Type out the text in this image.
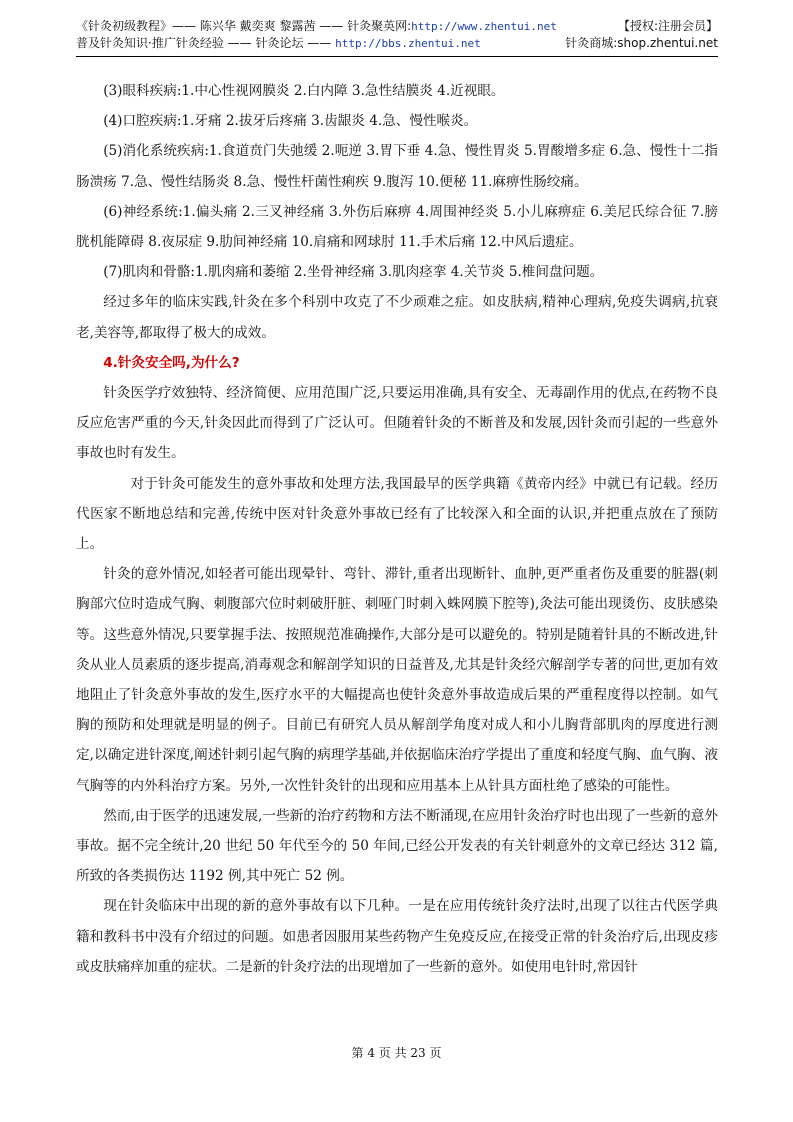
《针灸初级教程》—— 陈兴华 戴奕爽 黎露茜 —— 针灸聚英网:http://www.zhentui.net	【授权:注册会员】
普及针灸知识·推广针灸经验 —— 针灸论坛 —— http://bbs.zhentui.net	针灸商城:shop.zhentui.net

(3)眼科疾病:1.中心性视网膜炎 2.白内障 3.急性结膜炎 4.近视眼。

(4)口腔疾病:1.牙痛 2.拔牙后疼痛 3.齿龈炎 4.急、慢性喉炎。

(5)消化系统疾病:1.食道贲门失弛缓 2.呃逆 3.胃下垂 4.急、慢性胃炎 5.胃酸增多症 6.急、慢性十二指肠溃疡 7.急、慢性结肠炎 8.急、慢性杆菌性痢疾 9.腹泻 10.便秘 11.麻痹性肠绞痛。

(6)神经系统:1.偏头痛 2.三叉神经痛 3.外伤后麻痹 4.周围神经炎 5.小儿麻痹症 6.美尼氏综合征 7.膀胱机能障碍 8.夜尿症 9.肋间神经痛 10.肩痛和网球肘 11.手术后痛 12.中风后遗症。

(7)肌肉和骨骼:1.肌肉痛和萎缩 2.坐骨神经痛 3.肌肉痉挛 4.关节炎 5.椎间盘问题。

经过多年的临床实践,针灸在多个科别中攻克了不少顽难之症。如皮肤病,精神心理病,免疫失调病,抗衰老,美容等,都取得了极大的成效。

4.针灸安全吗,为什么?

针灸医学疗效独特、经济简便、应用范围广泛,只要运用准确,具有安全、无毒副作用的优点,在药物不良反应危害严重的今天,针灸因此而得到了广泛认可。但随着针灸的不断普及和发展,因针灸而引起的一些意外事故也时有发生。

对于针灸可能发生的意外事故和处理方法,我国最早的医学典籍《黄帝内经》中就已有记载。经历代医家不断地总结和完善,传统中医对针灸意外事故已经有了比较深入和全面的认识,并把重点放在了预防上。

针灸的意外情况,如轻者可能出现晕针、弯针、滞针,重者出现断针、血肿,更严重者伤及重要的脏器(刺胸部穴位时造成气胸、刺腹部穴位时刺破肝脏、刺哑门时刺入蛛网膜下腔等),灸法可能出现烫伤、皮肤感染等。这些意外情况,只要掌握手法、按照规范准确操作,大部分是可以避免的。特别是随着针具的不断改进,针灸从业人员素质的逐步提高,消毒观念和解剖学知识的日益普及,尤其是针灸经穴解剖学专著的问世,更加有效地阻止了针灸意外事故的发生,医疗水平的大幅提高也使针灸意外事故造成后果的严重程度得以控制。如气胸的预防和处理就是明显的例子。目前已有研究人员从解剖学角度对成人和小儿胸背部肌肉的厚度进行测定,以确定进针深度,阐述针刺引起气胸的病理学基础,并依据临床治疗学提出了重度和轻度气胸、血气胸、液气胸等的内外科治疗方案。另外,一次性针灸针的出现和应用基本上从针具方面杜绝了感染的可能性。

然而,由于医学的迅速发展,一些新的治疗药物和方法不断涌现,在应用针灸治疗时也出现了一些新的意外事故。据不完全统计,20 世纪 50 年代至今的 50 年间,已经公开发表的有关针刺意外的文章已经达 312 篇,所致的各类损伤达 1192 例,其中死亡 52 例。

现在针灸临床中出现的新的意外事故有以下几种。一是在应用传统针灸疗法时,出现了以往古代医学典籍和教科书中没有介绍过的问题。如患者因服用某些药物产生免疫反应,在接受正常的针灸治疗后,出现皮疹或皮肤痛痒加重的症状。二是新的针灸疗法的出现增加了一些新的意外。如使用电针时,常因针

第 4 页 共 23 页
